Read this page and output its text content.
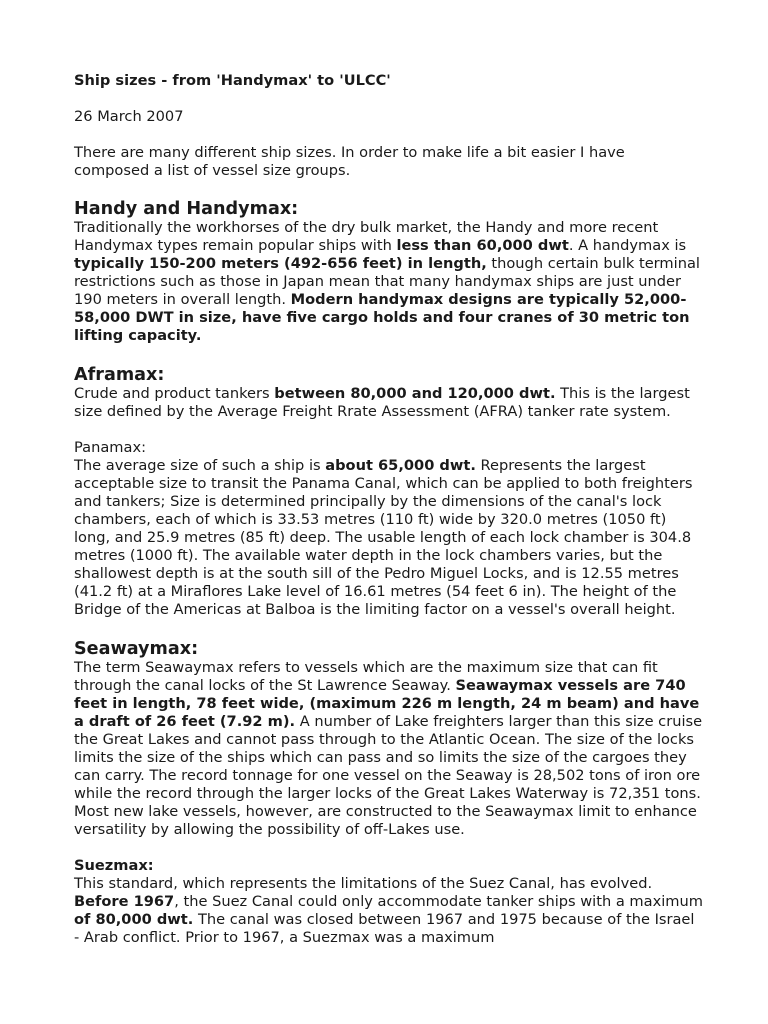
Ship sizes - from 'Handymax' to 'ULCC'

26 March 2007

There are many different ship sizes. In order to make life a bit easier I have composed a list of vessel size groups.

Handy and Handymax:

Traditionally the workhorses of the dry bulk market, the Handy and more recent Handymax types remain popular ships with less than 60,000 dwt. A handymax is typically 150-200 meters (492-656 feet) in length, though certain bulk terminal restrictions such as those in Japan mean that many handymax ships are just under 190 meters in overall length. Modern handymax designs are typically 52,000-58,000 DWT in size, have five cargo holds and four cranes of 30 metric ton lifting capacity.

Aframax:

Crude and product tankers between 80,000 and 120,000 dwt. This is the largest size defined by the Average Freight Rrate Assessment (AFRA) tanker rate system.

Panamax:

The average size of such a ship is about 65,000 dwt. Represents the largest acceptable size to transit the Panama Canal, which can be applied to both freighters and tankers; Size is determined principally by the dimensions of the canal's lock chambers, each of which is 33.53 metres (110 ft) wide by 320.0 metres (1050 ft) long, and 25.9 metres (85 ft) deep. The usable length of each lock chamber is 304.8 metres (1000 ft). The available water depth in the lock chambers varies, but the shallowest depth is at the south sill of the Pedro Miguel Locks, and is 12.55 metres (41.2 ft) at a Miraflores Lake level of 16.61 metres (54 feet 6 in). The height of the Bridge of the Americas at Balboa is the limiting factor on a vessel's overall height.

Seawaymax:

The term Seawaymax refers to vessels which are the maximum size that can fit through the canal locks of the St Lawrence Seaway. Seawaymax vessels are 740 feet in length, 78 feet wide, (maximum 226 m length, 24 m beam) and have a draft of 26 feet (7.92 m). A number of Lake freighters larger than this size cruise the Great Lakes and cannot pass through to the Atlantic Ocean. The size of the locks limits the size of the ships which can pass and so limits the size of the cargoes they can carry. The record tonnage for one vessel on the Seaway is 28,502 tons of iron ore while the record through the larger locks of the Great Lakes Waterway is 72,351 tons. Most new lake vessels, however, are constructed to the Seawaymax limit to enhance versatility by allowing the possibility of off-Lakes use.

Suezmax:

This standard, which represents the limitations of the Suez Canal, has evolved. Before 1967, the Suez Canal could only accommodate tanker ships with a maximum of 80,000 dwt. The canal was closed between 1967 and 1975 because of the Israel - Arab conflict. Prior to 1967, a Suezmax was a maximum
